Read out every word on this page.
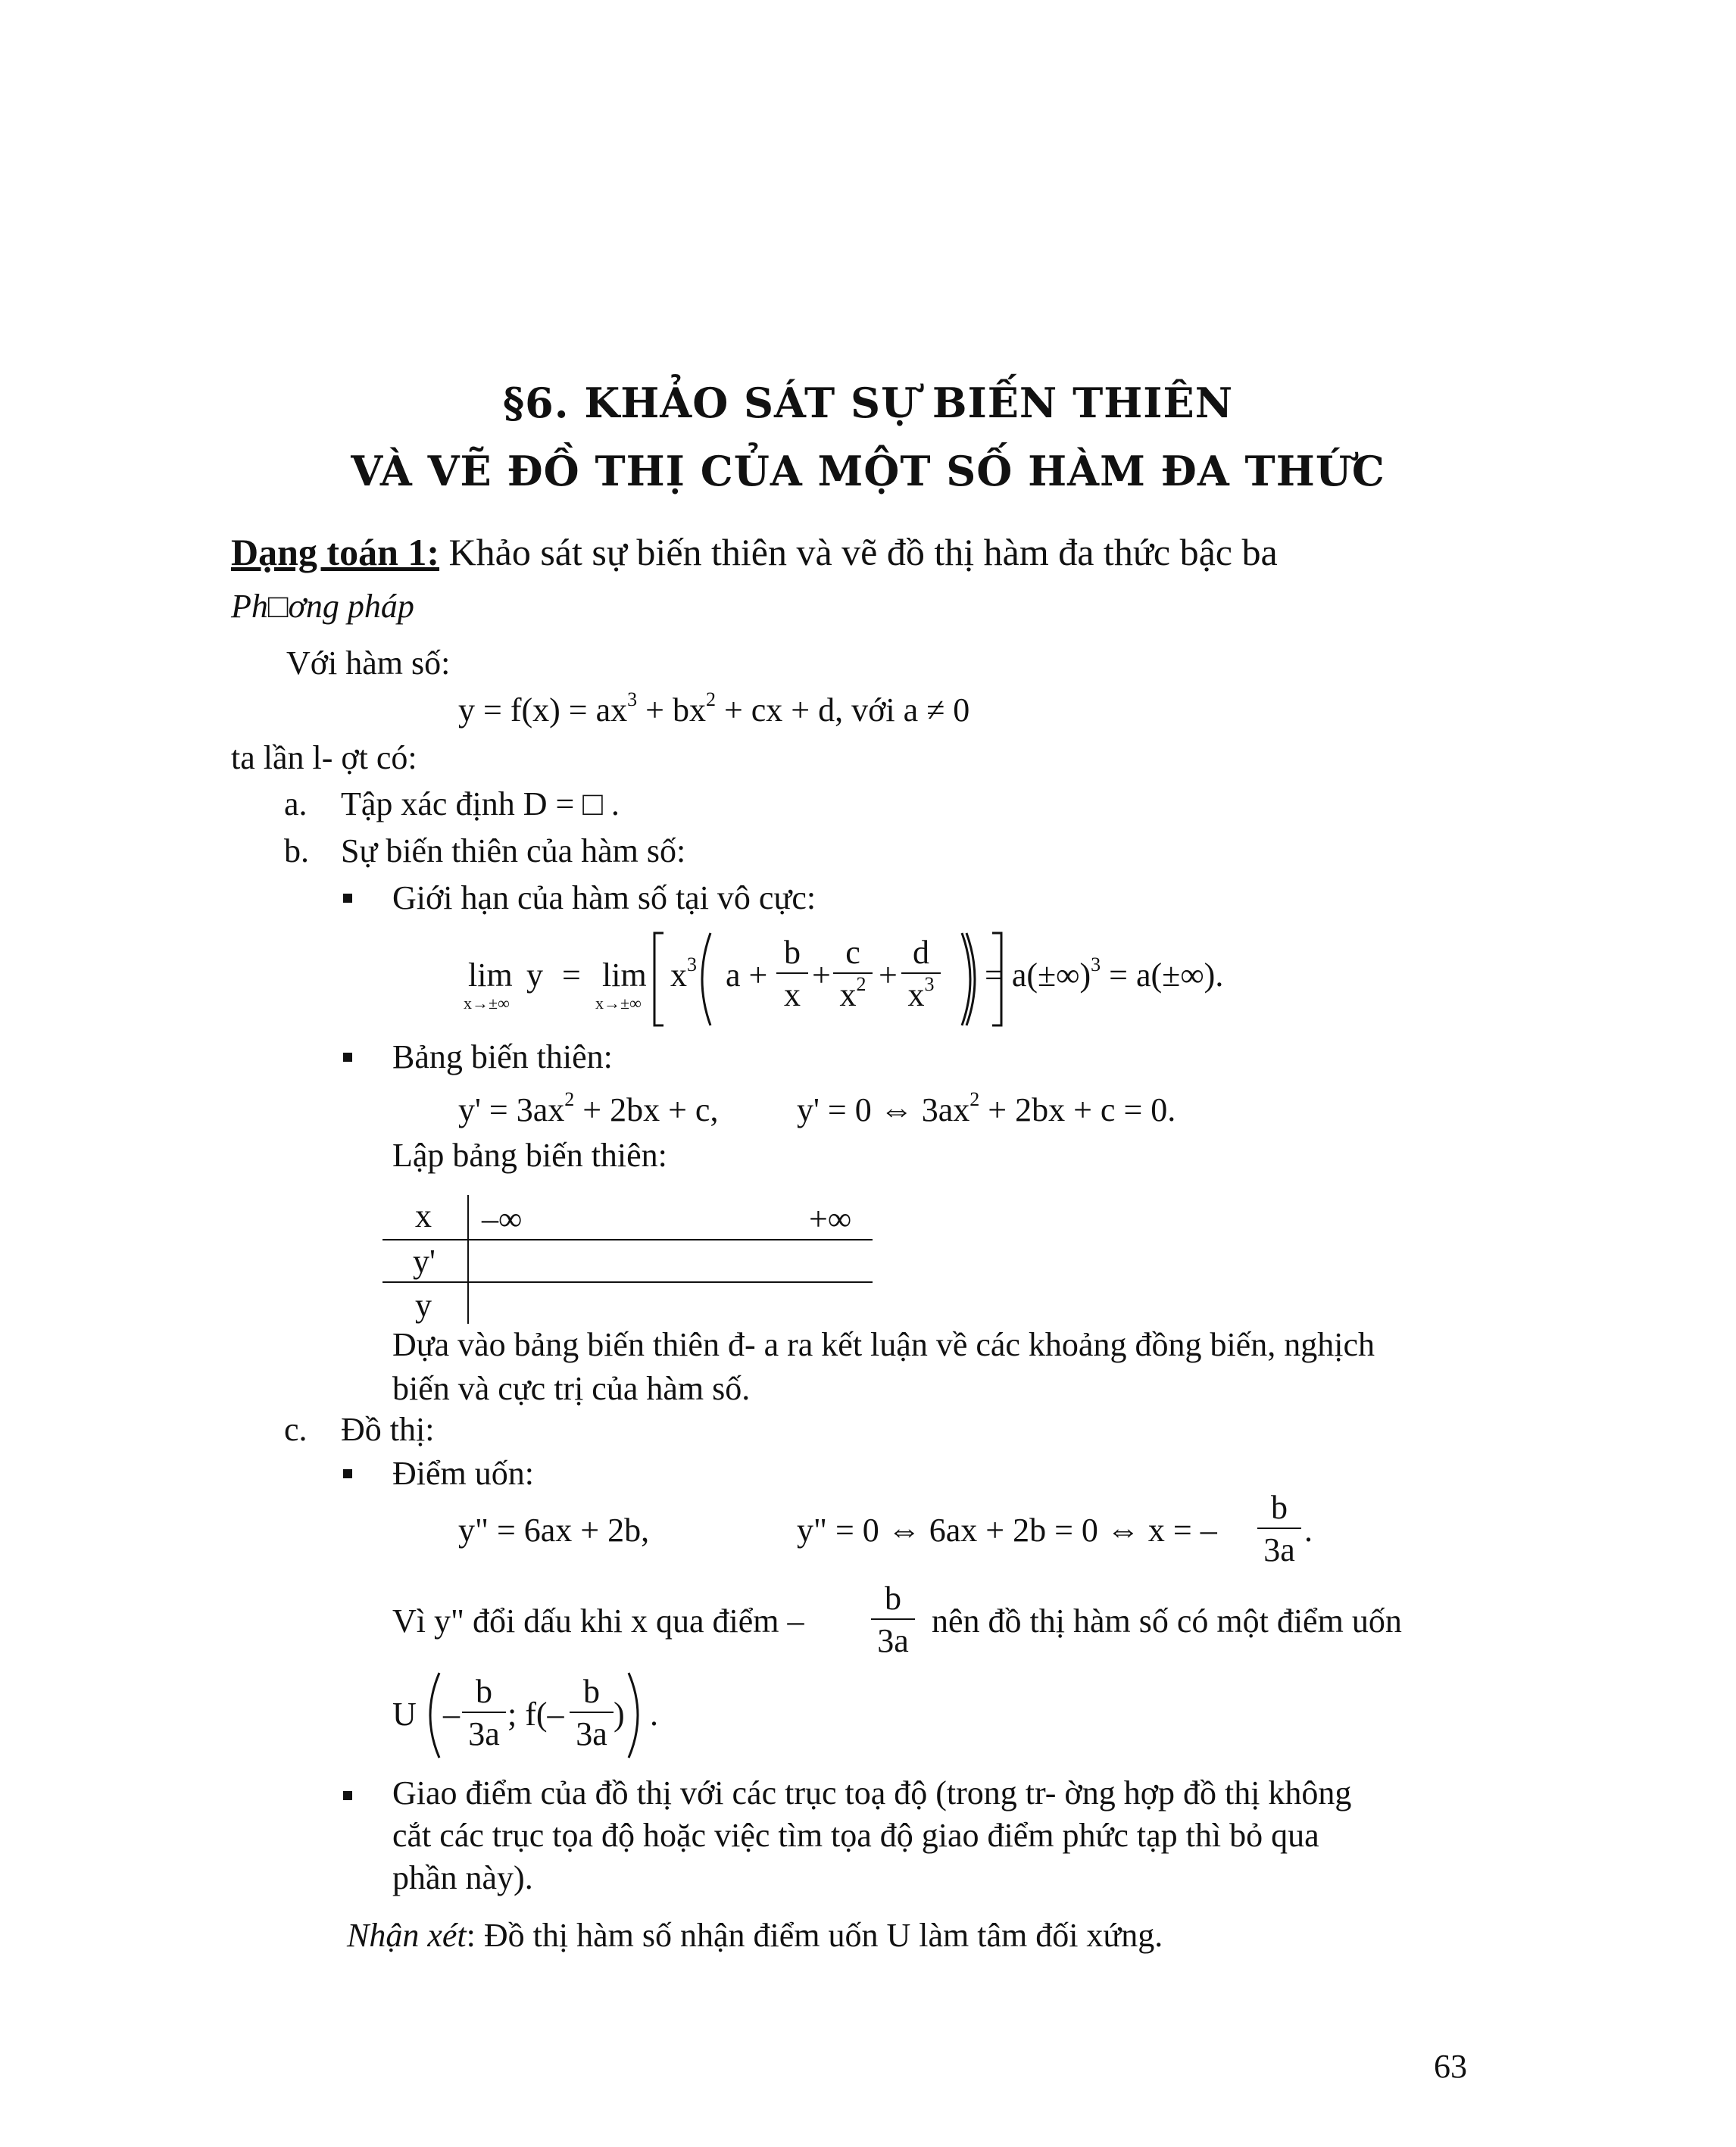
§6. KHẢO SÁT SỰ BIẾN THIÊN
VÀ VẼ ĐỒ THỊ CỦA MỘT SỐ HÀM ĐA THỨC
Dạng toán 1: Khảo sát sự biến thiên và vẽ đồ thị hàm đa thức bậc ba
Ph□ơng pháp
Với hàm số:
$y = f(x) = ax^3 + bx^2$ + cx + d, với a ≠ 0
ta lần l- ợt có:
a. Tập xác định D = □ .
b. Sự biến thiên của hàm số:
Giới hạn của hàm số tại vô cực:
lim
x→±∞
y = lim
x→±∞
$x^3$ $a + \frac{b}{x} + \frac{c}{x^2} + \frac{d}{x^3} = a(\pm\infty)^3 = a(\pm\infty)$.
Bảng biến thiên:
$y' = 3ax^2 + 2bx + c$, y' = 0 ⇔ $3ax^2 + 2bx + c = 0$.
Lập bảng biến thiên:
x
y'
y
–∞	+∞
Dựa vào bảng biến thiên đ- a ra kết luận về các khoảng đồng biến, nghịch
biến và cực trị của hàm số.
c. Đồ thị:
Điểm uốn:
y" = 6ax + 2b,	y" = 0 ⇔ 6ax + 2b = 0 ⇔ x = – $\frac{b}{3a}$ .
Vì y" đổi dấu khi x qua điểm – $\frac{b}{3a}$ nên đồ thị hàm số có một điểm uốn
U – $\frac{b}{3a}$ ; $f(- \frac{b}{3a}$ ) .
Giao điểm của đồ thị với các trục toạ độ (trong tr- ờng hợp đồ thị không
cắt các trục tọa độ hoặc việc tìm tọa độ giao điểm phức tạp thì bỏ qua
phần này).
Nhận xét: Đồ thị hàm số nhận điểm uốn U làm tâm đối xứng.
63
